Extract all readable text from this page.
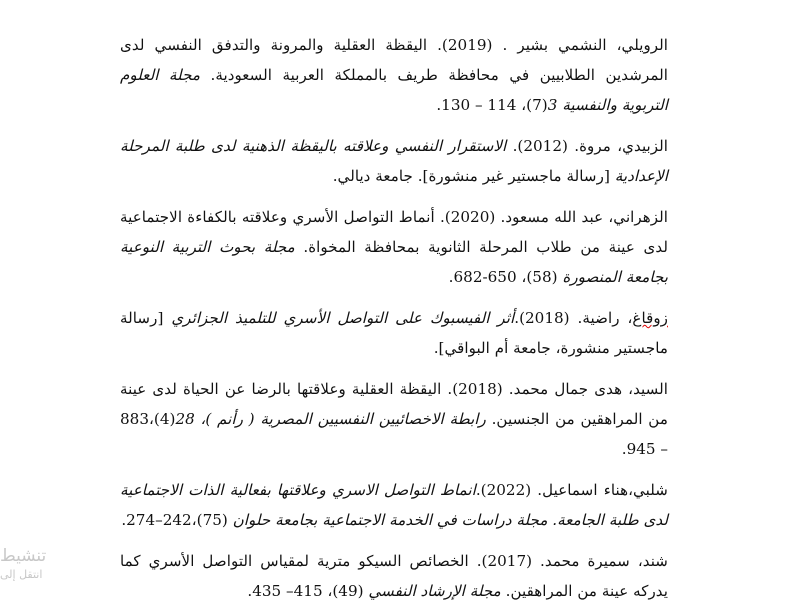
الرويلي، النشمي بشير . (2019). اليقظة العقلية والمرونة والتدفق النفسي لدى المرشدين الطلابيين في محافظة طريف بالمملكة العربية السعودية. مجلة العلوم التربوية والنفسية 3(7)، 114 – 130.

الزبيدي، مروة. (2012). الاستقرار النفسي وعلاقته باليقظة الذهنية لدى طلبة المرحلة الإعدادية [رسالة ماجستير غير منشورة]. جامعة ديالي.

الزهراني، عبد الله مسعود. (2020). أنماط التواصل الأسري وعلاقته بالكفاءة الاجتماعية لدى عينة من طلاب المرحلة الثانوية بمحافظة المخواة. مجلة بحوث التربية النوعية بجامعة المنصورة (58)، 650-682.

زوقاغ، راضية. (2018).أثر الفيسبوك على التواصل الأسري للتلميذ الجزائري [رسالة ماجستير منشورة، جامعة أم البواقي].

السيد، هدى جمال محمد. (2018). اليقظة العقلية وعلاقتها بالرضا عن الحياة لدى عينة من المراهقين من الجنسين. رابطة الاخصائيين النفسيين المصرية ( رأنم )، 28(4)،883 – 945.

شلبي،هناء اسماعيل. (2022).انماط التواصل الاسري وعلاقتها بفعالية الذات الاجتماعية لدى طلبة الجامعة. مجلة دراسات في الخدمة الاجتماعية بجامعة حلوان (75)،242–274.

شند، سميرة محمد. (2017). الخصائص السيكو مترية لمقياس التواصل الأسري كما يدركه عينة من المراهقين. مجلة الإرشاد النفسي (49)، 415– 435.

تنشيط
انتقل إلى
